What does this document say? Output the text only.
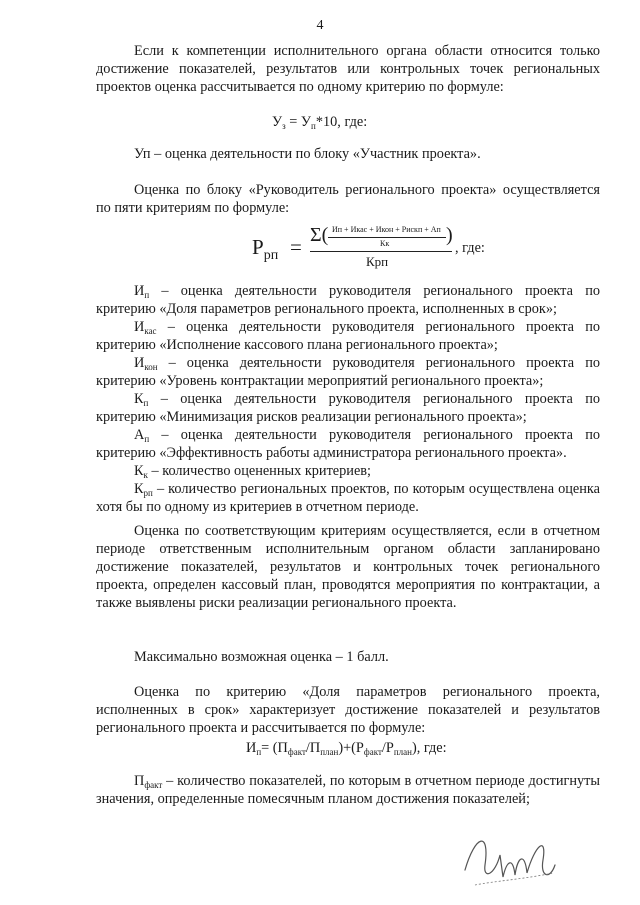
4
Если к компетенции исполнительного органа области относится только достижение показателей, результатов или контрольных точек региональных проектов оценка рассчитывается по одному критерию по формуле:
$У_з = У_п*10$, где:
Уп – оценка деятельности по блоку «Участник проекта».
Оценка по блоку «Руководитель регионального проекта» осуществляется по пяти критериям по формуле:
$Р_{рп} = \Sigma$( Ип + Икас + Икон + Рискп + Ап
Кк	)
Крп
, где:

$И_п$ – оценка деятельности руководителя регионального проекта по критерию «Доля параметров регионального проекта, исполненных в срок»;

$И_{кас}$ – оценка деятельности руководителя регионального проекта по критерию «Исполнение кассового плана регионального проекта»;

$И_{кон}$ – оценка деятельности руководителя регионального проекта по критерию «Уровень контрактации мероприятий регионального проекта»;

$К_п$ – оценка деятельности руководителя регионального проекта по критерию «Минимизация рисков реализации регионального проекта»;

$А_п$ – оценка деятельности руководителя регионального проекта по критерию «Эффективность работы администратора регионального проекта».

$К_к$ – количество оцененных критериев;

$К_{рп}$ – количество региональных проектов, по которым осуществлена оценка хотя бы по одному из критериев в отчетном периоде.

Оценка по соответствующим критериям осуществляется, если в отчетном периоде ответственным исполнительным органом области запланировано достижение показателей, результатов и контрольных точек регионального проекта, определен кассовый план, проводятся мероприятия по контрактации, а также выявлены риски реализации регионального проекта.
Максимально возможная оценка – 1 балл.
Оценка по критерию «Доля параметров регионального проекта, исполненных в срок» характеризует достижение показателей и результатов регионального проекта и рассчитывается по формуле:
$И_п= (П_{факт}/П_{план})+(Р_{факт}/Р_{план})$, где:
$П_{факт}$ – количество показателей, по которым в отчетном периоде достигнуты значения, определенные помесячным планом достижения показателей;
